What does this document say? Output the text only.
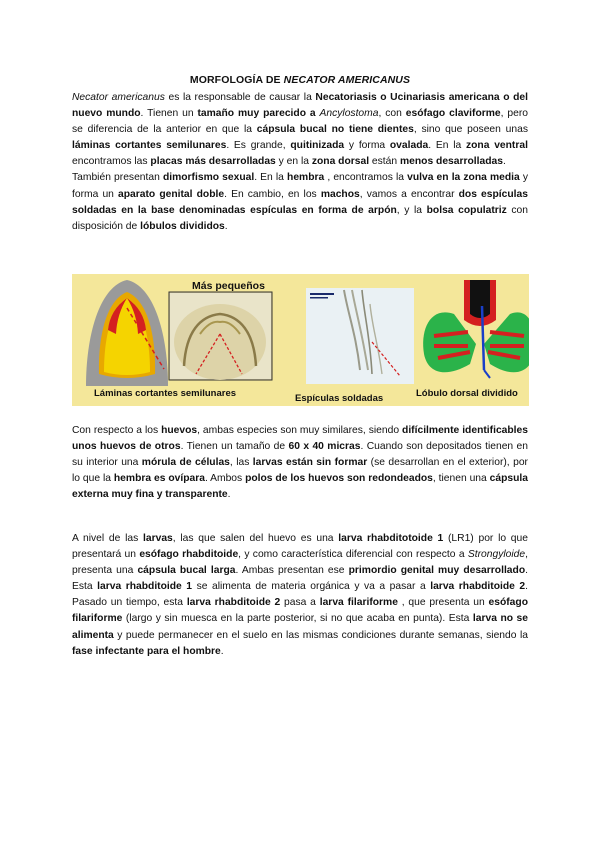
MORFOLOGÍA DE NECATOR AMERICANUS

Necator americanus es la responsable de causar la Necatoriasis o Ucinariasis americana o del nuevo mundo. Tienen un tamaño muy parecido a Ancylostoma, con esófago claviforme, pero se diferencia de la anterior en que la cápsula bucal no tiene dientes, sino que poseen unas láminas cortantes semilunares. Es grande, quitinizada y forma ovalada. En la zona ventral encontramos las placas más desarrolladas y en la zona dorsal están menos desarrolladas.

También presentan dimorfismo sexual. En la hembra , encontramos la vulva en la zona media y forma un aparato genital doble. En cambio, en los machos, vamos a encontrar dos espículas soldadas en la base denominadas espículas en forma de arpón, y la bolsa copulatriz con disposición de lóbulos divididos.

Más pequeños
Láminas cortantes semilunares	Espículas soldadas	Lóbulo dorsal dividido

Con respecto a los huevos, ambas especies son muy similares, siendo difícilmente identificables unos huevos de otros. Tienen un tamaño de 60 x 40 micras. Cuando son depositados tienen en su interior una mórula de células, las larvas están sin formar (se desarrollan en el exterior), por lo que la hembra es ovípara. Ambos polos de los huevos son redondeados, tienen una cápsula externa muy fina y transparente.

A nivel de las larvas, las que salen del huevo es una larva rhabditotoide 1 (LR1) por lo que presentará un esófago rhabditoide, y como característica diferencial con respecto a Strongyloide, presenta una cápsula bucal larga. Ambas presentan ese primordio genital muy desarrollado. Esta larva rhabditoide 1 se alimenta de materia orgánica y va a pasar a larva rhabditoide 2. Pasado un tiempo, esta larva rhabditoide 2 pasa a larva filariforme , que presenta un esófago filariforme (largo y sin muesca en la parte posterior, si no que acaba en punta). Esta larva no se alimenta y puede permanecer en el suelo en las mismas condiciones durante semanas, siendo la fase infectante para el hombre.
